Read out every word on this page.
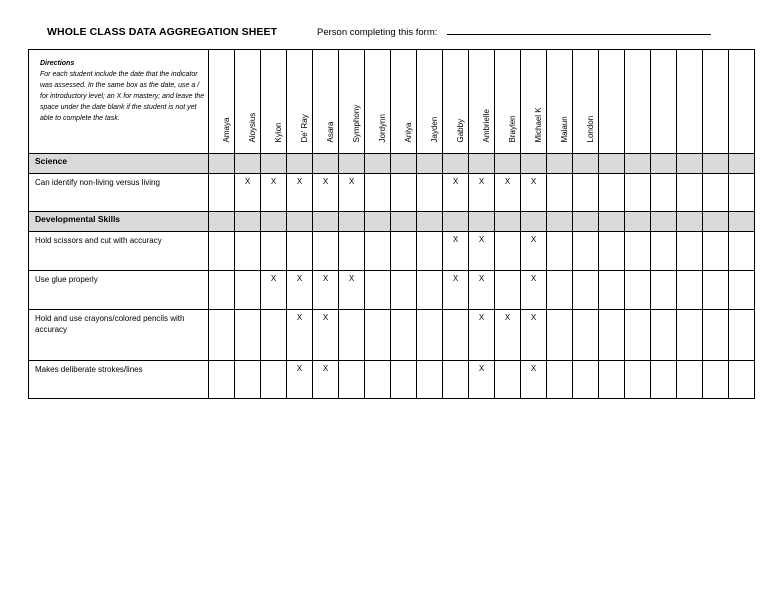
WHOLE CLASS DATA AGGREGATION SHEET	Person completing this form:
Directions
For each student include the date that the indicator was assessed. In the same box as the date, use a / for introductory level; an X for mastery; and leave the space under the date blank if the student is not yet able to complete the task.	Amaya	Aloysius	Kyion	De' Ray	Asara	Symphony	Jordynn	Aniya	Jayden	Gabby	Ambrielle	Braylen	Michael K	Malaun	London						

Science																					
Can identify non-living versus living		X	X	X	X	X				X	X	X	X								
Developmental Skills																					
Hold scissors and cut with accuracy										X	X		X								
Use glue properly			X	X	X	X				X	X		X								
Hold and use crayons/colored pencils with accuracy				X	X						X	X	X								
Makes deliberate strokes/lines				X	X						X		X								
